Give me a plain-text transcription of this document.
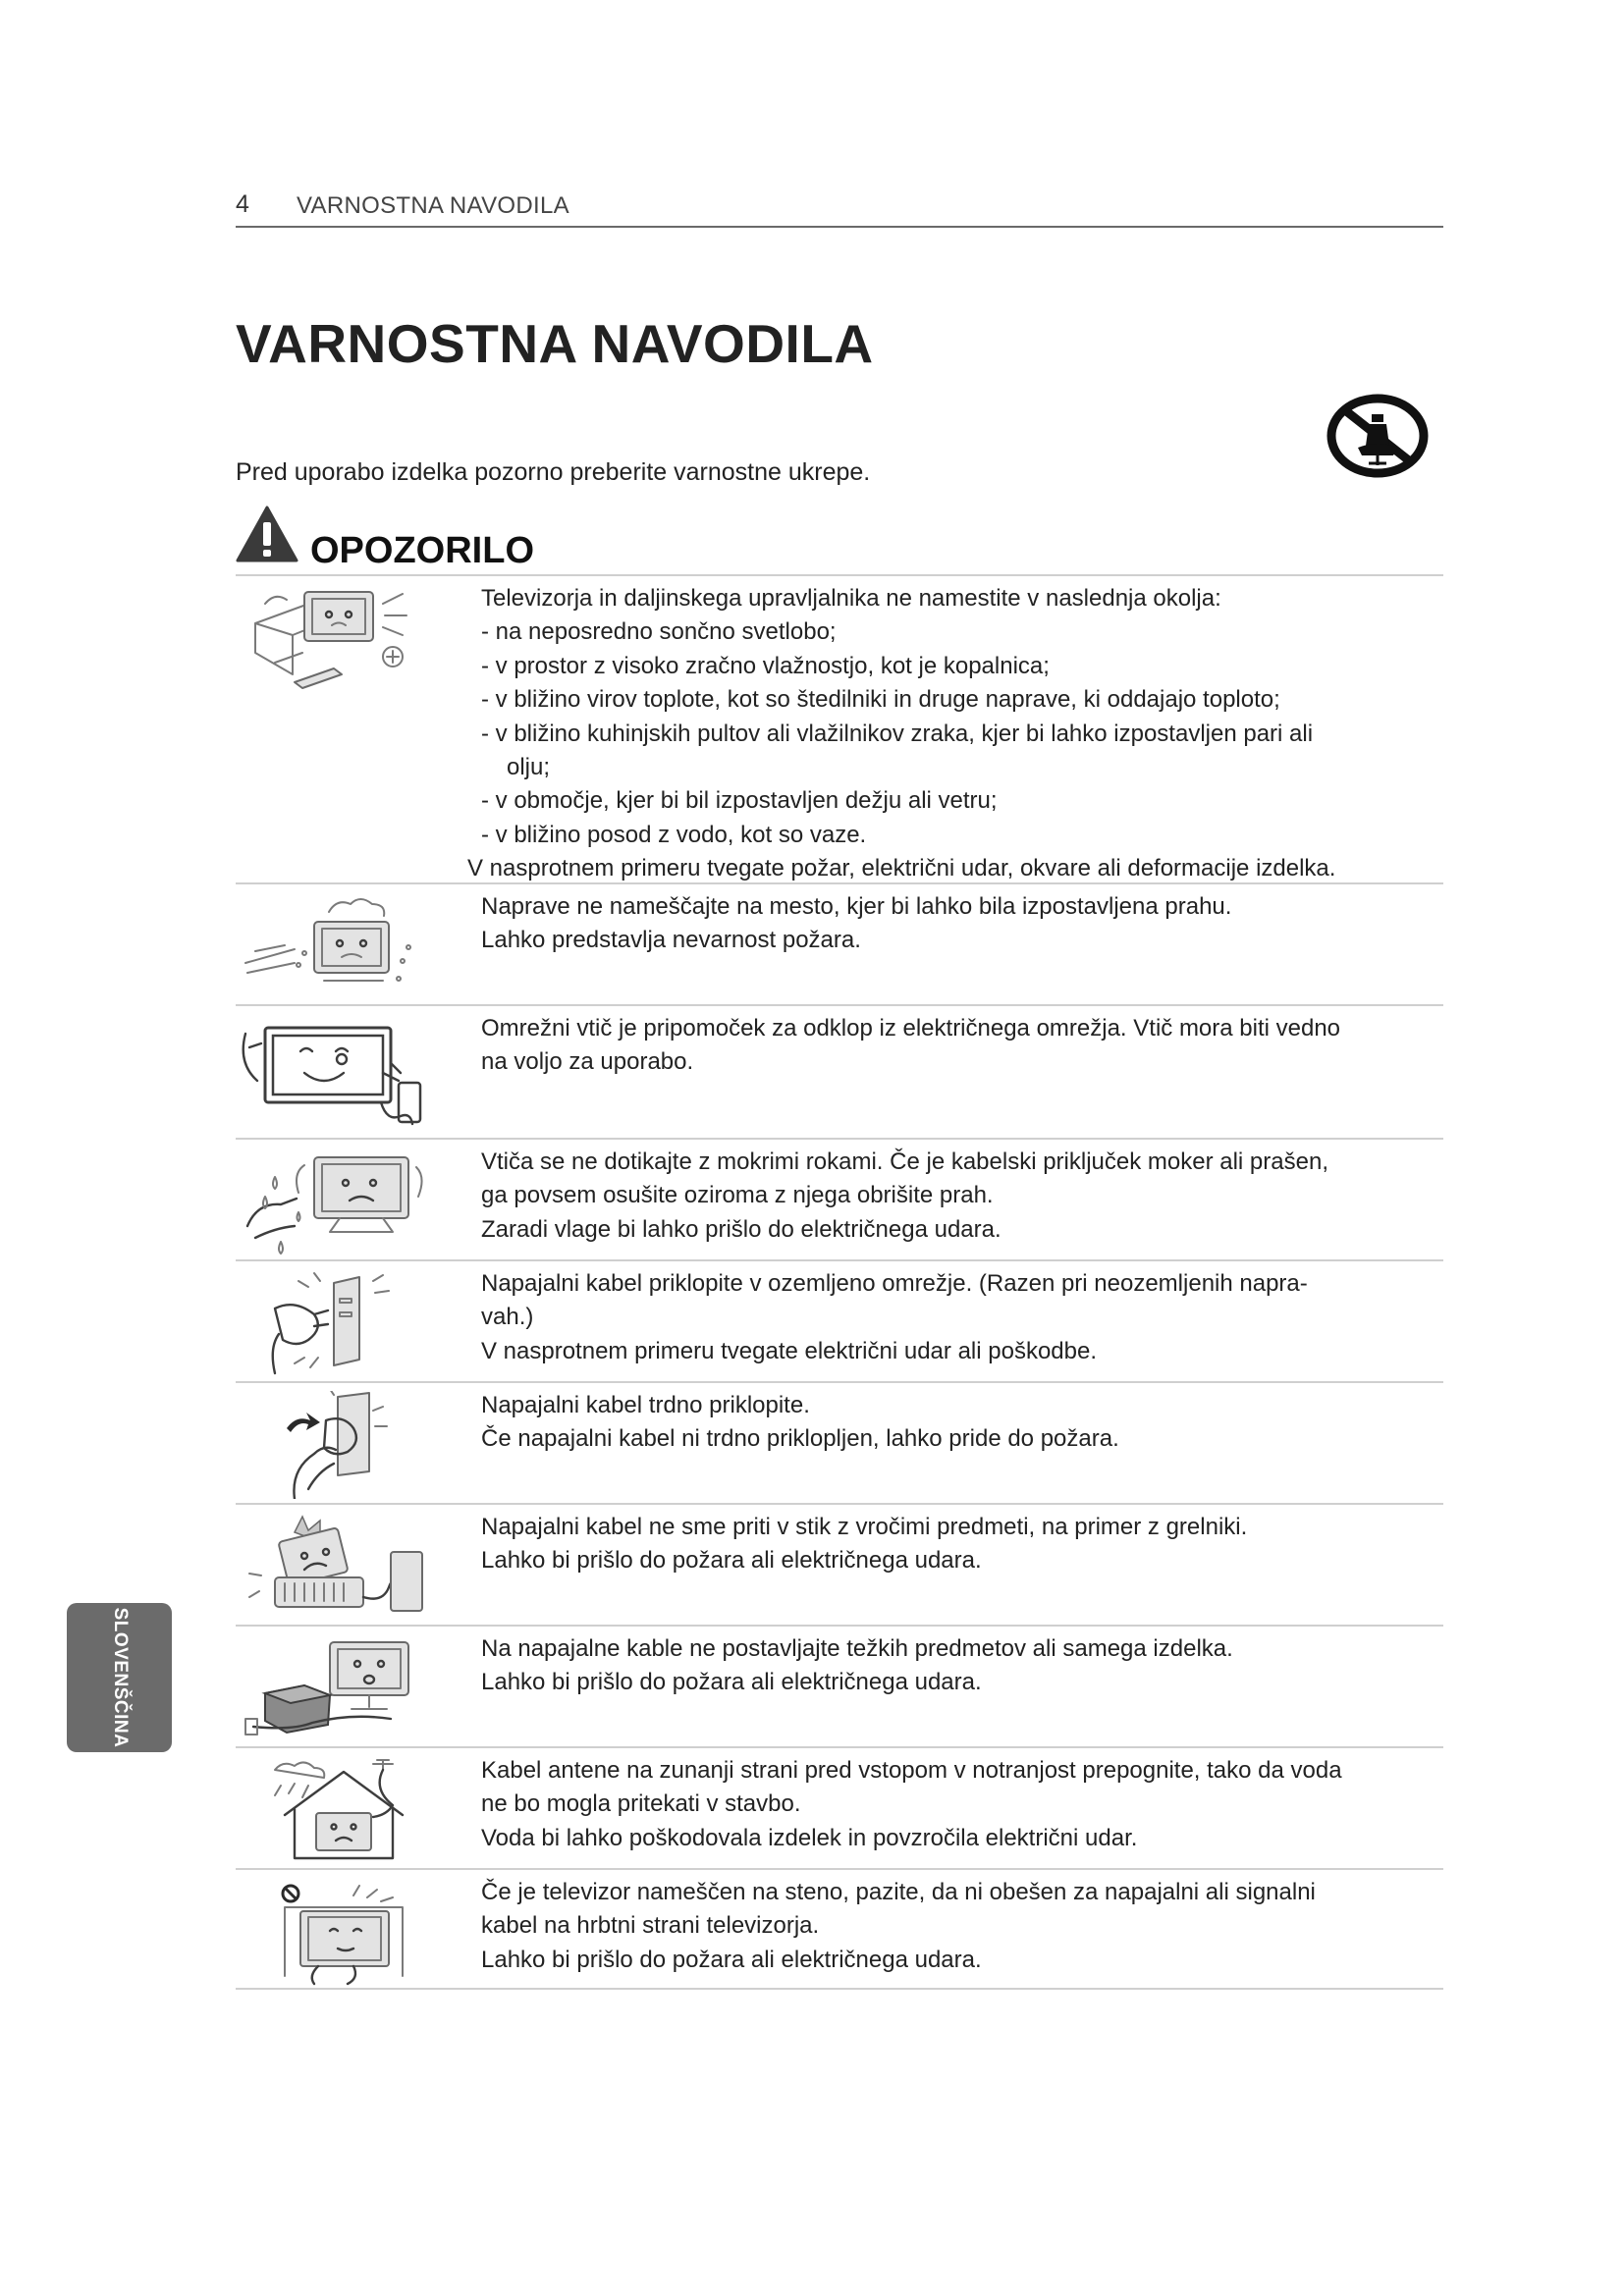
4 VARNOSTNA NAVODILA
VARNOSTNA NAVODILA
Pred uporabo izdelka pozorno preberite varnostne ukrepe.
OPOZORILO

Televizorja in daljinskega upravljalnika ne namestite v naslednja okolja:

- na neposredno sončno svetlobo;

- v prostor z visoko zračno vlažnostjo, kot je kopalnica;

- v bližino virov toplote, kot so štedilniki in druge naprave, ki oddajajo toploto;

- v bližino kuhinjskih pultov ali vlažilnikov zraka, kjer bi lahko izpostavljen pari ali

olju;

- v območje, kjer bi bil izpostavljen dežju ali vetru;

- v bližino posod z vodo, kot so vaze.

V nasprotnem primeru tvegate požar, električni udar, okvare ali deformacije izdelka.

Naprave ne nameščajte na mesto, kjer bi lahko bila izpostavljena prahu.

Lahko predstavlja nevarnost požara.

Omrežni vtič je pripomoček za odklop iz električnega omrežja. Vtič mora biti vedno

na voljo za uporabo.

Vtiča se ne dotikajte z mokrimi rokami. Če je kabelski priključek moker ali prašen,

ga povsem osušite oziroma z njega obrišite prah.

Zaradi vlage bi lahko prišlo do električnega udara.

Napajalni kabel priklopite v ozemljeno omrežje. (Razen pri neozemljenih napra-

vah.)

V nasprotnem primeru tvegate električni udar ali poškodbe.

Napajalni kabel trdno priklopite.

Če napajalni kabel ni trdno priklopljen, lahko pride do požara.

Napajalni kabel ne sme priti v stik z vročimi predmeti, na primer z grelniki.

Lahko bi prišlo do požara ali električnega udara.

Na napajalne kable ne postavljajte težkih predmetov ali samega izdelka.

Lahko bi prišlo do požara ali električnega udara.

Kabel antene na zunanji strani pred vstopom v notranjost prepognite, tako da voda

ne bo mogla pritekati v stavbo.

Voda bi lahko poškodovala izdelek in povzročila električni udar.

Če je televizor nameščen na steno, pazite, da ni obešen za napajalni ali signalni

kabel na hrbtni strani televizorja.

Lahko bi prišlo do požara ali električnega udara.

SLOVENŠČINA
